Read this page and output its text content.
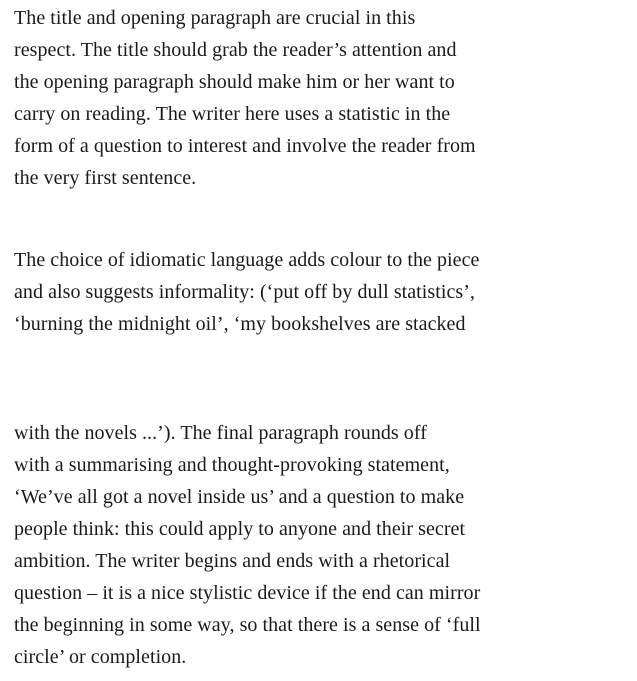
The title and opening paragraph are crucial in this
respect. The title should grab the reader’s attention and
the opening paragraph should make him or her want to
carry on reading. The writer here uses a statistic in the
form of a question to interest and involve the reader from
the very first sentence.
The choice of idiomatic language adds colour to the piece
and also suggests informality: (‘put off by dull statistics’,
‘burning the midnight oil’, ‘my bookshelves are stacked
with the novels ...’). The final paragraph rounds off
with a summarising and thought-provoking statement,
‘We’ve all got a novel inside us’ and a question to make
people think: this could apply to anyone and their secret
ambition. The writer begins and ends with a rhetorical
question – it is a nice stylistic device if the end can mirror
the beginning in some way, so that there is a sense of ‘full
circle’ or completion.
